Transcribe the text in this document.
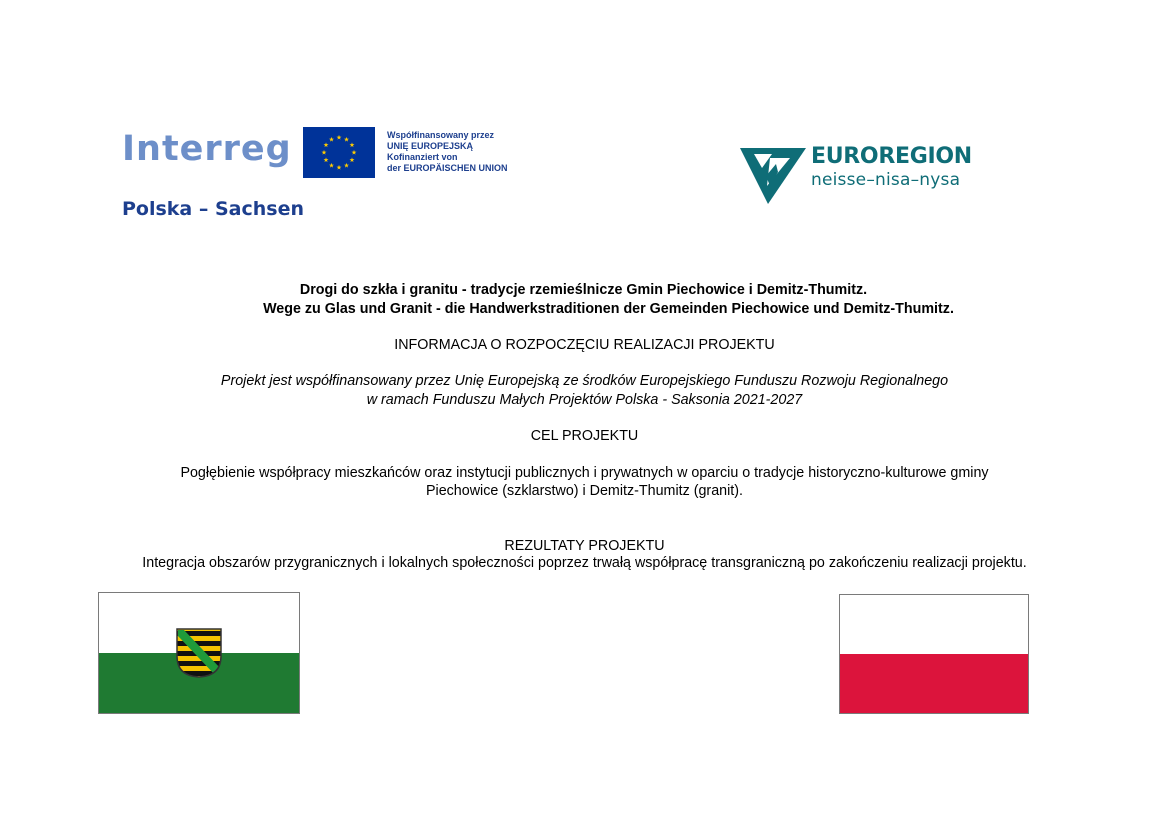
Interreg	Współfinansowany przez
UNIĘ EUROPEJSKĄ
Kofinanziert von
der EUROPÄISCHEN UNION
Polska – Sachsen
EUROREGION
neisse–nisa–nysa
Drogi do szkła i granitu - tradycje rzemieślnicze Gmin Piechowice i Demitz-Thumitz.
Wege zu Glas und Granit - die Handwerkstraditionen der Gemeinden Piechowice und Demitz-Thumitz.
INFORMACJA O ROZPOCZĘCIU REALIZACJI PROJEKTU
Projekt jest współfinansowany przez Unię Europejską ze środków Europejskiego Funduszu Rozwoju Regionalnego
w ramach Funduszu Małych Projektów Polska - Saksonia 2021-2027
CEL PROJEKTU
Pogłębienie współpracy mieszkańców oraz instytucji publicznych i prywatnych w oparciu o tradycje historyczno-kulturowe gminy
Piechowice (szklarstwo) i Demitz-Thumitz (granit).
REZULTATY PROJEKTU
Integracja obszarów przygranicznych i lokalnych społeczności poprzez trwałą współpracę transgraniczną po zakończeniu realizacji projektu.
